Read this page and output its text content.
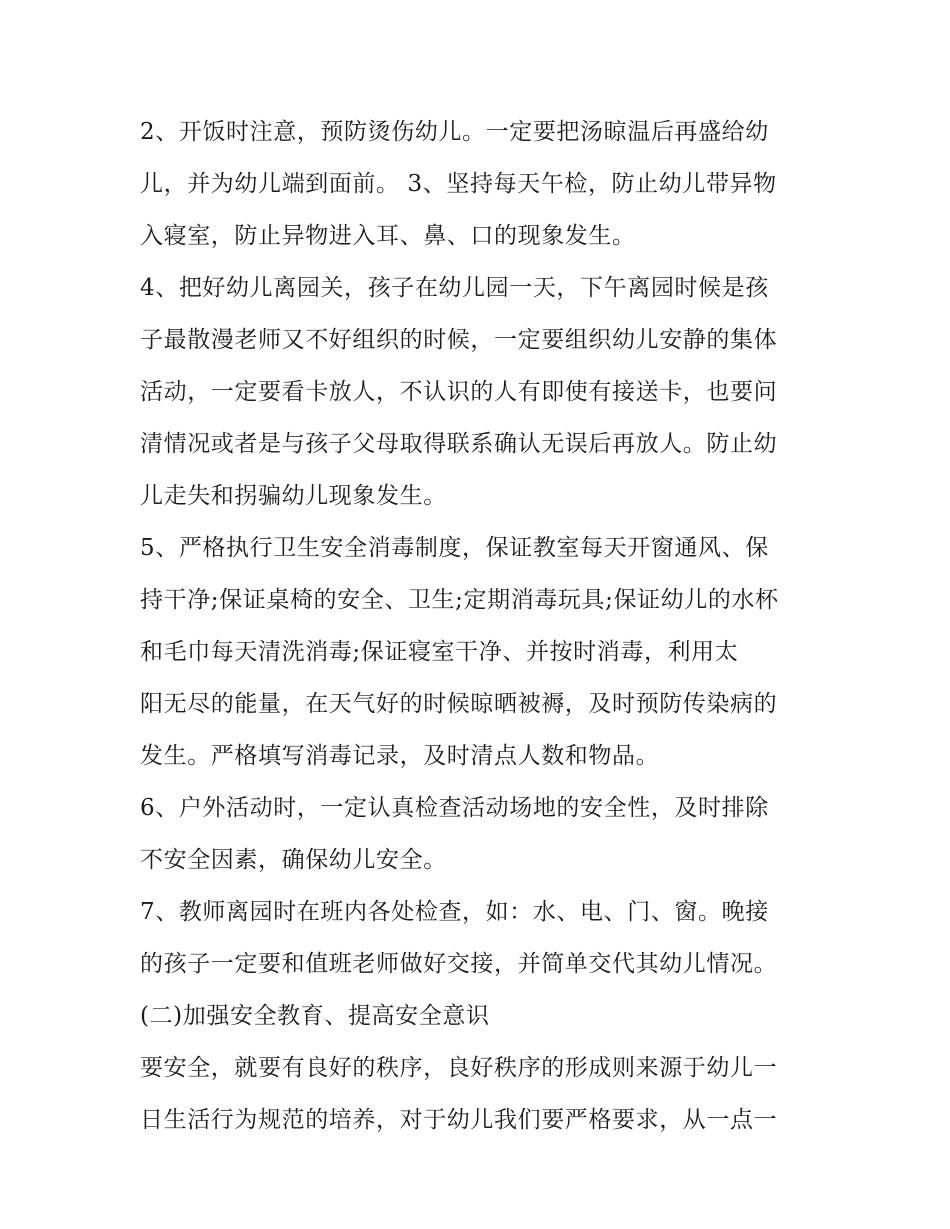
2、开饭时注意，预防烫伤幼儿。一定要把汤晾温后再盛给幼
儿，并为幼儿端到面前。 3、坚持每天午检，防止幼儿带异物
入寝室，防止异物进入耳、鼻、口的现象发生。
4、把好幼儿离园关，孩子在幼儿园一天，下午离园时候是孩
子最散漫老师又不好组织的时候，一定要组织幼儿安静的集体
活动，一定要看卡放人，不认识的人有即使有接送卡，也要问
清情况或者是与孩子父母取得联系确认无误后再放人。防止幼
儿走失和拐骗幼儿现象发生。
5、严格执行卫生安全消毒制度，保证教室每天开窗通风、保
持干净;保证桌椅的安全、卫生;定期消毒玩具;保证幼儿的水杯
和毛巾每天清洗消毒;保证寝室干净、并按时消毒，利用太
阳无尽的能量，在天气好的时候晾晒被褥，及时预防传染病的
发生。严格填写消毒记录，及时清点人数和物品。
6、户外活动时，一定认真检查活动场地的安全性，及时排除
不安全因素，确保幼儿安全。
7、教师离园时在班内各处检查，如：水、电、门、窗。晚接
的孩子一定要和值班老师做好交接，并简单交代其幼儿情况。
(二)加强安全教育、提高安全意识
要安全，就要有良好的秩序，良好秩序的形成则来源于幼儿一
日生活行为规范的培养，对于幼儿我们要严格要求，从一点一
